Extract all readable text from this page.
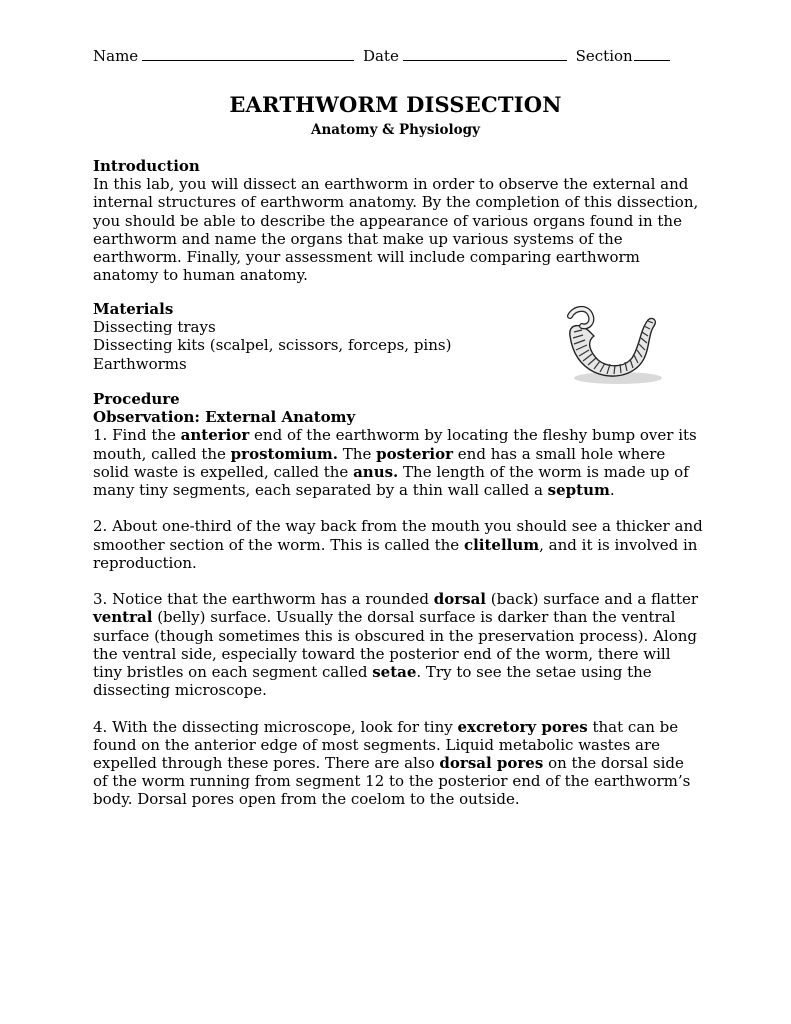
Name	Date	Section
EARTHWORM DISSECTION
Anatomy & Physiology

Introduction

In this lab, you will dissect an earthworm in order to observe the external and internal structures of earthworm anatomy. By the completion of this dissection, you should be able to describe the appearance of various organs found in the earthworm and name the organs that make up various systems of the earthworm. Finally, your assessment will include comparing earthworm anatomy to human anatomy.

Materials

Dissecting trays

Dissecting kits (scalpel, scissors, forceps, pins)

Earthworms

Procedure

Observation: External Anatomy

1. Find the anterior end of the earthworm by locating the fleshy bump over its mouth, called the prostomium. The posterior end has a small hole where solid waste is expelled, called the anus. The length of the worm is made up of many tiny segments, each separated by a thin wall called a septum.

2. About one-third of the way back from the mouth you should see a thicker and smoother section of the worm. This is called the clitellum, and it is involved in reproduction.

3. Notice that the earthworm has a rounded dorsal (back) surface and a flatter ventral (belly) surface. Usually the dorsal surface is darker than the ventral surface (though sometimes this is obscured in the preservation process). Along the ventral side, especially toward the posterior end of the worm, there will tiny bristles on each segment called setae. Try to see the setae using the dissecting microscope.

4. With the dissecting microscope, look for tiny excretory pores that can be found on the anterior edge of most segments. Liquid metabolic wastes are expelled through these pores. There are also dorsal pores on the dorsal side of the worm running from segment 12 to the posterior end of the earthworm’s body. Dorsal pores open from the coelom to the outside.
